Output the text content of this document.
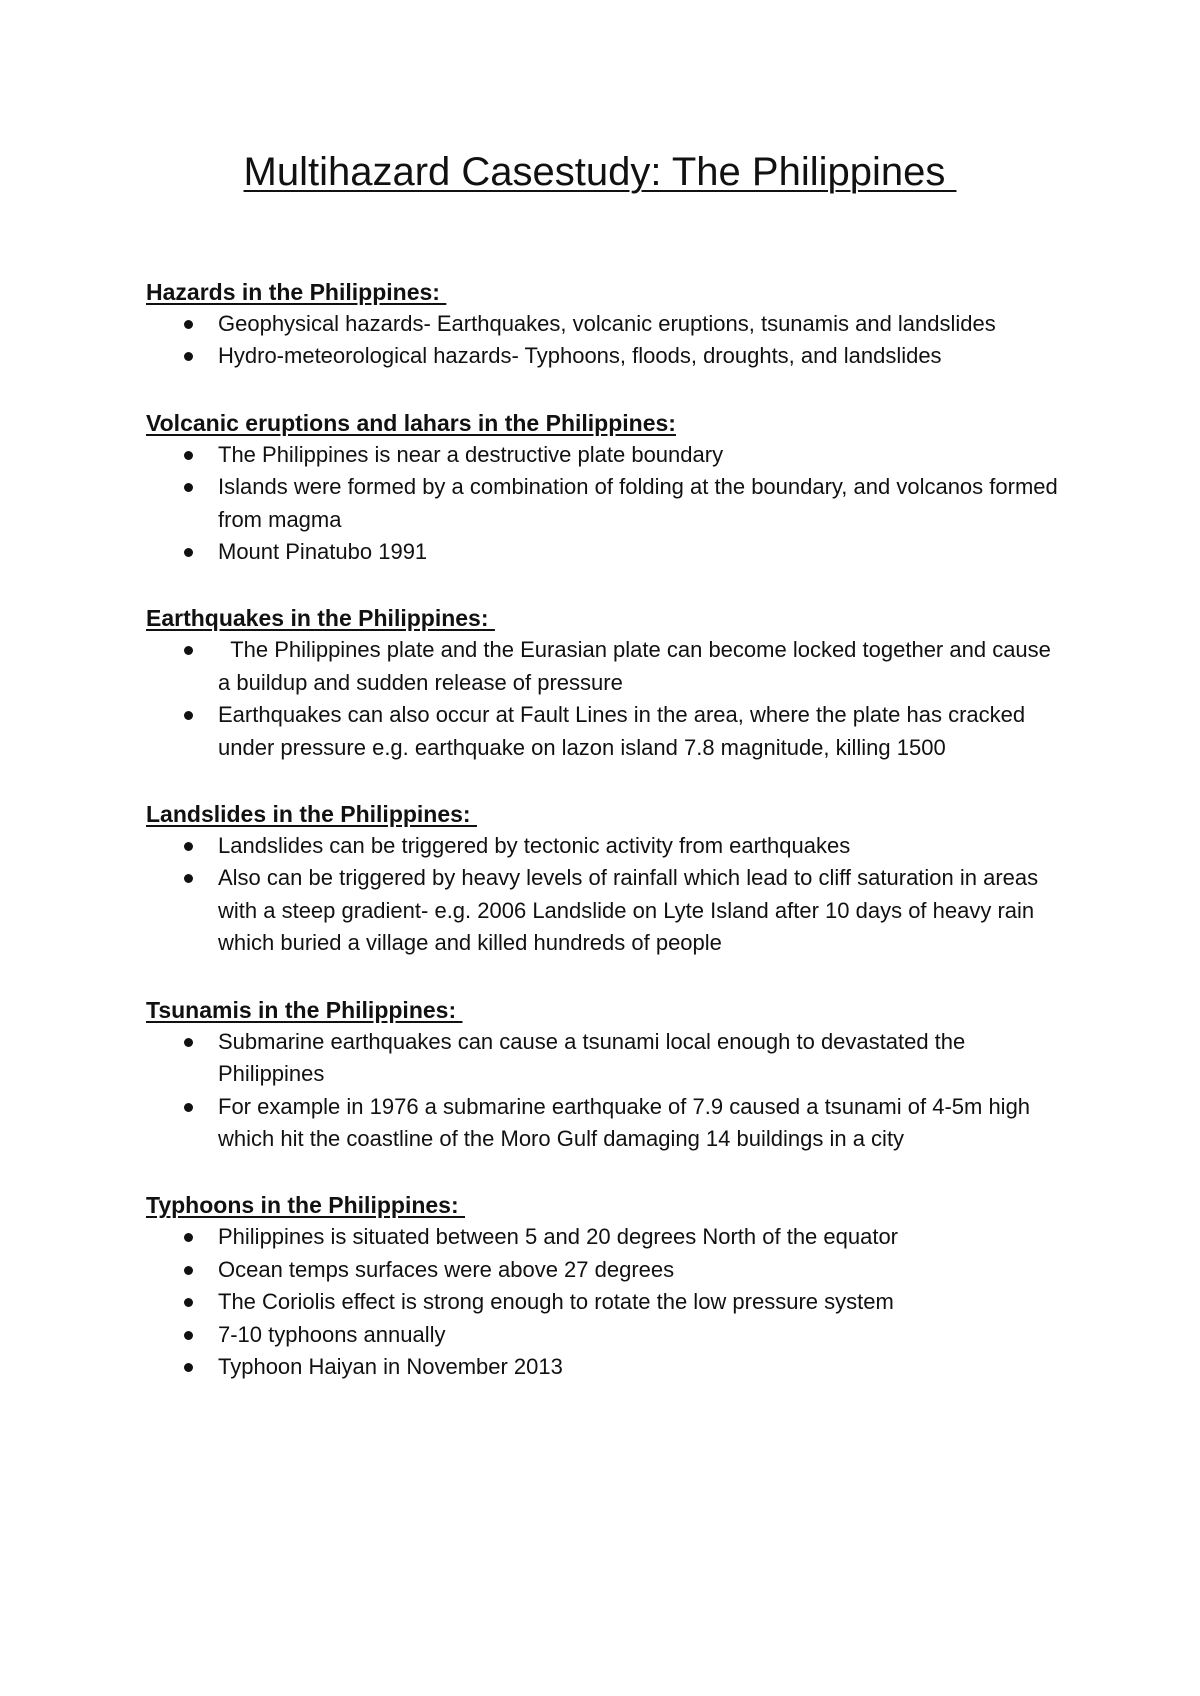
Multihazard Casestudy: The Philippines
Hazards in the Philippines:
Geophysical hazards- Earthquakes, volcanic eruptions, tsunamis and landslides
Hydro-meteorological hazards- Typhoons, floods, droughts, and landslides
Volcanic eruptions and lahars in the Philippines:
The Philippines is near a destructive plate boundary
Islands were formed by a combination of folding at the boundary, and volcanos formed from magma
Mount Pinatubo 1991
Earthquakes in the Philippines:
The Philippines plate and the Eurasian plate can become locked together and cause a buildup and sudden release of pressure
Earthquakes can also occur at Fault Lines in the area, where the plate has cracked under pressure e.g. earthquake on lazon island 7.8 magnitude, killing 1500
Landslides in the Philippines:
Landslides can be triggered by tectonic activity from earthquakes
Also can be triggered by heavy levels of rainfall which lead to cliff saturation in areas with a steep gradient- e.g. 2006 Landslide on Lyte Island after 10 days of heavy rain which buried a village and killed hundreds of people
Tsunamis in the Philippines:
Submarine earthquakes can cause a tsunami local enough to devastated the Philippines
For example in 1976 a submarine earthquake of 7.9 caused a tsunami of 4-5m high which hit the coastline of the Moro Gulf damaging 14 buildings in a city
Typhoons in the Philippines:
Philippines is situated between 5 and 20 degrees North of the equator
Ocean temps surfaces were above 27 degrees
The Coriolis effect is strong enough to rotate the low pressure system
7-10 typhoons annually
Typhoon Haiyan in November 2013
